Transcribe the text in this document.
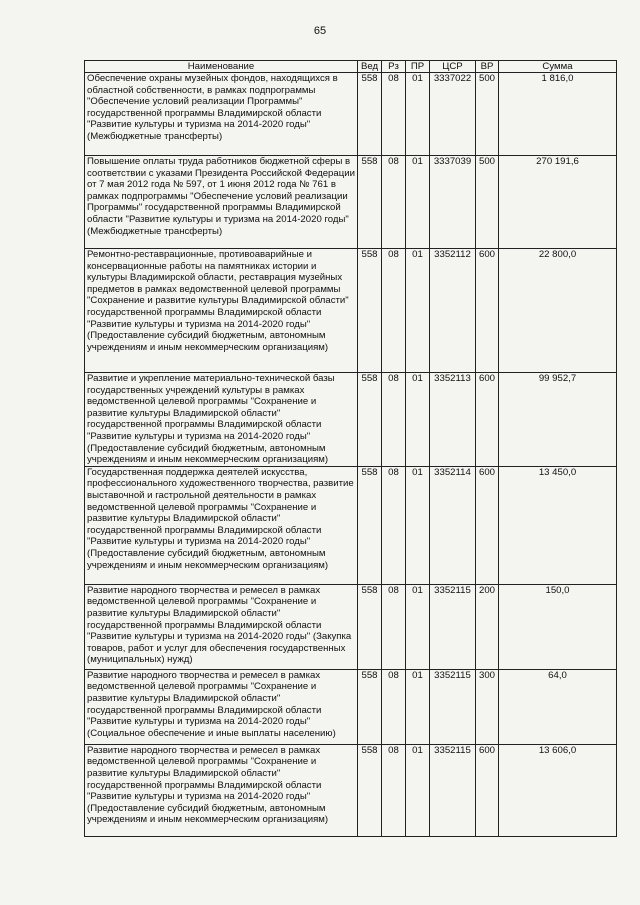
65
Наименование	Вед	Рз	ПР	ЦСР	ВР	Сумма
Обеспечение охраны музейных фондов, находящихся в областной собственности, в рамках подпрограммы "Обеспечение условий реализации Программы" государственной программы Владимирской области "Развитие культуры и туризма на 2014-2020 годы" (Межбюджетные трансферты)	558	08	01	3337022	500	1 816,0
Повышение оплаты труда работников бюджетной сферы в соответствии с указами Президента Российской Федерации от 7 мая 2012 года № 597, от 1 июня 2012 года № 761 в рамках подпрограммы "Обеспечение условий реализации Программы" государственной программы Владимирской области "Развитие культуры и туризма на 2014-2020 годы" (Межбюджетные трансферты)	558	08	01	3337039	500	270 191,6
Ремонтно-реставрационные, противоаварийные и консервационные работы на памятниках истории и культуры Владимирской области, реставрация музейных предметов в рамках ведомственной целевой программы "Сохранение и развитие культуры Владимирской области" государственной программы Владимирской области "Развитие культуры и туризма на 2014-2020 годы" (Предоставление субсидий бюджетным, автономным учреждениям и иным некоммерческим организациям)	558	08	01	3352112	600	22 800,0
Развитие и укрепление материально-технической базы государственных учреждений культуры в рамках ведомственной целевой программы "Сохранение и развитие культуры Владимирской области" государственной программы Владимирской области "Развитие культуры и туризма на 2014-2020 годы" (Предоставление субсидий бюджетным, автономным учреждениям и иным некоммерческим организациям)	558	08	01	3352113	600	99 952,7
Государственная поддержка деятелей искусства, профессионального художественного творчества, развитие выставочной и гастрольной деятельности в рамках ведомственной целевой программы "Сохранение и развитие культуры Владимирской области" государственной программы Владимирской области "Развитие культуры и туризма на 2014-2020 годы" (Предоставление субсидий бюджетным, автономным учреждениям и иным некоммерческим организациям)	558	08	01	3352114	600	13 450,0
Развитие народного творчества и ремесел в рамках ведомственной целевой программы "Сохранение и развитие культуры Владимирской области" государственной программы Владимирской области "Развитие культуры и туризма на 2014-2020 годы" (Закупка товаров, работ и услуг для обеспечения государственных (муниципальных) нужд)	558	08	01	3352115	200	150,0
Развитие народного творчества и ремесел в рамках ведомственной целевой программы "Сохранение и развитие культуры Владимирской области" государственной программы Владимирской области "Развитие культуры и туризма на 2014-2020 годы" (Социальное обеспечение и иные выплаты населению)	558	08	01	3352115	300	64,0
Развитие народного творчества и ремесел в рамках ведомственной целевой программы "Сохранение и развитие культуры Владимирской области" государственной программы Владимирской области "Развитие культуры и туризма на 2014-2020 годы" (Предоставление субсидий бюджетным, автономным учреждениям и иным некоммерческим организациям)	558	08	01	3352115	600	13 606,0
